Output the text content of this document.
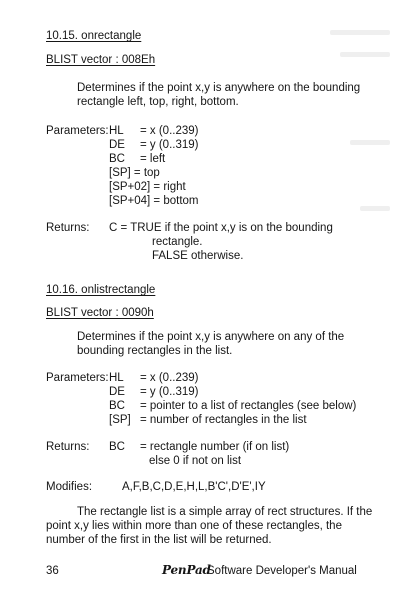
10.15. onrectangle
BLIST vector : 008Eh
Determines if the point x,y is anywhere on the bounding
rectangle left, top, right, bottom.
Parameters: HL = x (0..239)
DE = y (0..319)
BC = left
[SP] = top
[SP+02] = right
[SP+04] = bottom
Returns: C = TRUE if the point x,y is on the bounding
rectangle.
FALSE otherwise.
10.16. onlistrectangle
BLIST vector : 0090h
Determines if the point x,y is anywhere on any of the
bounding rectangles in the list.
Parameters: HL = x (0..239)
DE = y (0..319)
BC = pointer to a list of rectangles (see below)
[SP] = number of rectangles in the list
Returns: BC = rectangle number (if on list)
else 0 if not on list
Modifies:	A,F,B,C,D,E,H,L,B'C',D'E',IY
The rectangle list is a simple array of rect structures. If the
point x,y lies within more than one of these rectangles, the
number of the first in the list will be returned.
36	PenPad
Software Developer's Manual
